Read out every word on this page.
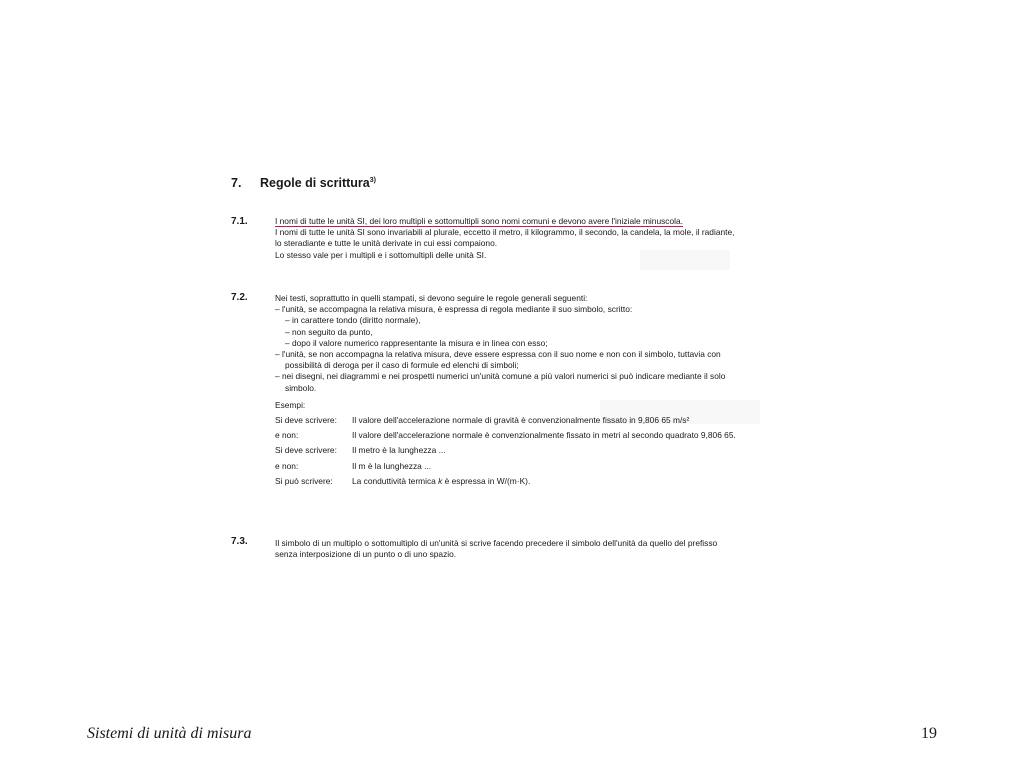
7. Regole di scrittura$^{3)}$
7.1.	I nomi di tutte le unità SI, dei loro multipli e sottomultipli sono nomi comuni e devono avere l'iniziale minuscola.
I nomi di tutte le unità SI sono invariabili al plurale, eccetto il metro, il kilogrammo, il secondo, la candela, la mole, il radiante,
lo steradiante e tutte le unità derivate in cui essi compaiono.
Lo stesso vale per i multipli e i sottomultipli delle unità SI.
7.2.	Nei testi, soprattutto in quelli stampati, si devono seguire le regole generali seguenti:
– l'unità, se accompagna la relativa misura, è espressa di regola mediante il suo simbolo, scritto:
– in carattere tondo (diritto normale),
– non seguito da punto,
– dopo il valore numerico rappresentante la misura e in linea con esso;
– l'unità, se non accompagna la relativa misura, deve essere espressa con il suo nome e non con il simbolo, tuttavia con
possibilità di deroga per il caso di formule ed elenchi di simboli;
– nei disegni, nei diagrammi e nei prospetti numerici un'unità comune a più valori numerici si può indicare mediante il solo
simbolo.
Esempi:
Si deve scrivere: Il valore dell'accelerazione normale di gravità è convenzionalmente fissato in 9,806 65 m/s²
e non:	Il valore dell'accelerazione normale è convenzionalmente fissato in metri al secondo quadrato 9,806 65.
Si deve scrivere: Il metro è la lunghezza ...
e non:	Il m è la lunghezza ...
Si può scrivere: La conduttività termica k è espressa in W/(m·K).
7.3.	Il simbolo di un multiplo o sottomultiplo di un'unità si scrive facendo precedere il simbolo dell'unità da quello del prefisso
senza interposizione di un punto o di uno spazio.
Sistemi di unità di misura	19
